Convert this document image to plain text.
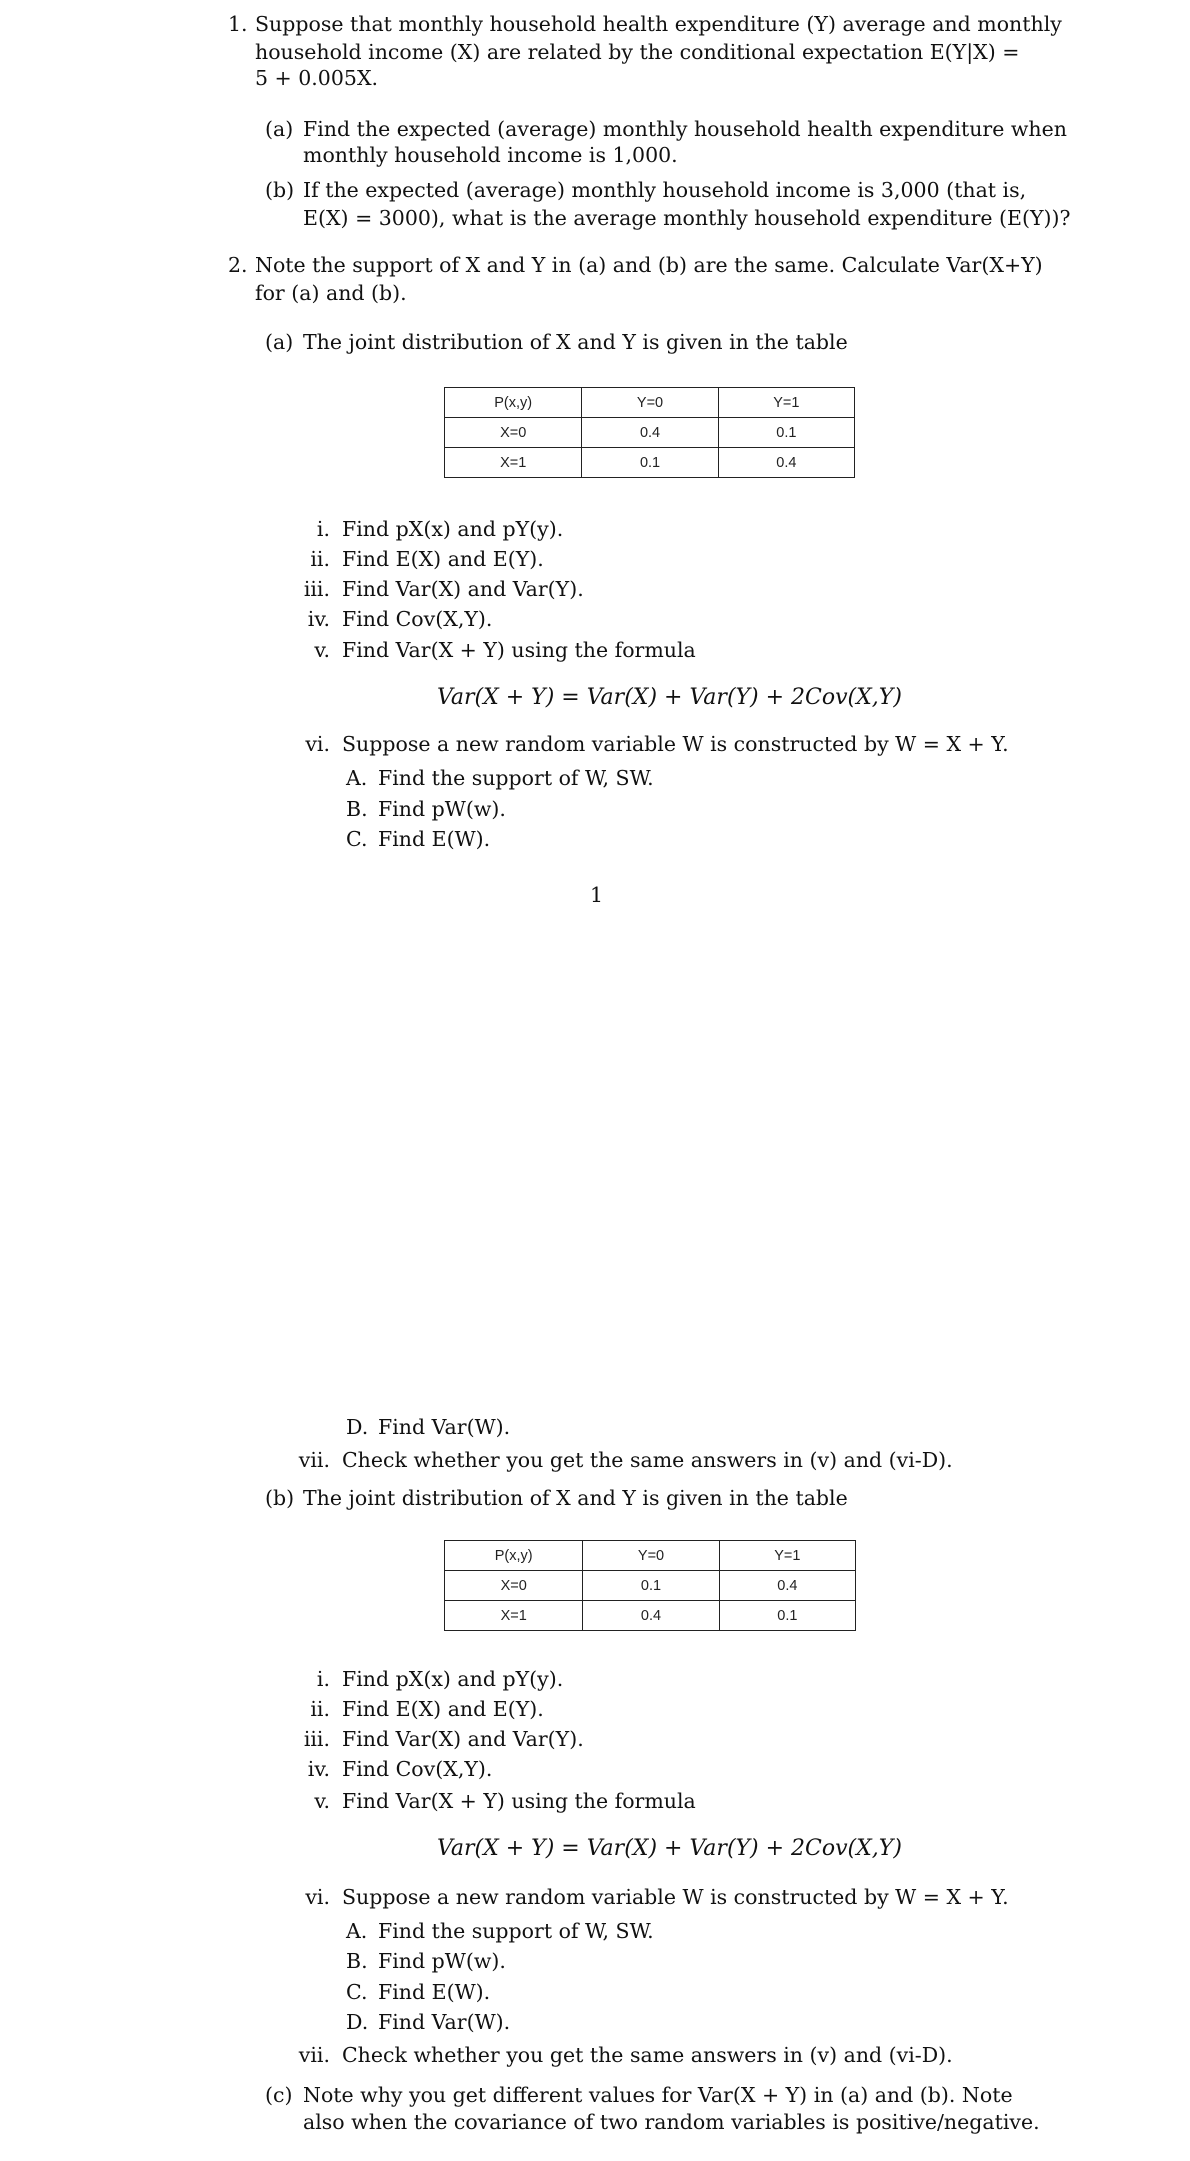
1. Suppose that monthly household health expenditure (Y) average and monthly
household income (X) are related by the conditional expectation E(Y|X) =
5 + 0.005X.
(a) Find the expected (average) monthly household health expenditure when
monthly household income is 1,000.
(b) If the expected (average) monthly household income is 3,000 (that is,
E(X) = 3000), what is the average monthly household expenditure (E(Y))?
2. Note the support of X and Y in (a) and (b) are the same. Calculate Var(X+Y)
for (a) and (b).
(a) The joint distribution of X and Y is given in the table
P(x,y)	Y=0	Y=1
X=0	0.4	0.1
X=1	0.1	0.4
i. Find pX(x) and pY(y).
ii. Find E(X) and E(Y).
iii. Find Var(X) and Var(Y).
iv. Find Cov(X,Y).
v. Find Var(X + Y) using the formula
Var(X + Y) = Var(X) + Var(Y) + 2Cov(X,Y)
vi. Suppose a new random variable W is constructed by W = X + Y.
A. Find the support of W, SW.
B. Find pW(w).
C. Find E(W).
1
D. Find Var(W).
vii. Check whether you get the same answers in (v) and (vi-D).
(b) The joint distribution of X and Y is given in the table
P(x,y)	Y=0	Y=1
X=0	0.1	0.4
X=1	0.4	0.1
i. Find pX(x) and pY(y).
ii. Find E(X) and E(Y).
iii. Find Var(X) and Var(Y).
iv. Find Cov(X,Y).
v. Find Var(X + Y) using the formula
Var(X + Y) = Var(X) + Var(Y) + 2Cov(X,Y)
vi. Suppose a new random variable W is constructed by W = X + Y.
A. Find the support of W, SW.
B. Find pW(w).
C. Find E(W).
D. Find Var(W).
vii. Check whether you get the same answers in (v) and (vi-D).
(c) Note why you get different values for Var(X + Y) in (a) and (b). Note
also when the covariance of two random variables is positive/negative.
